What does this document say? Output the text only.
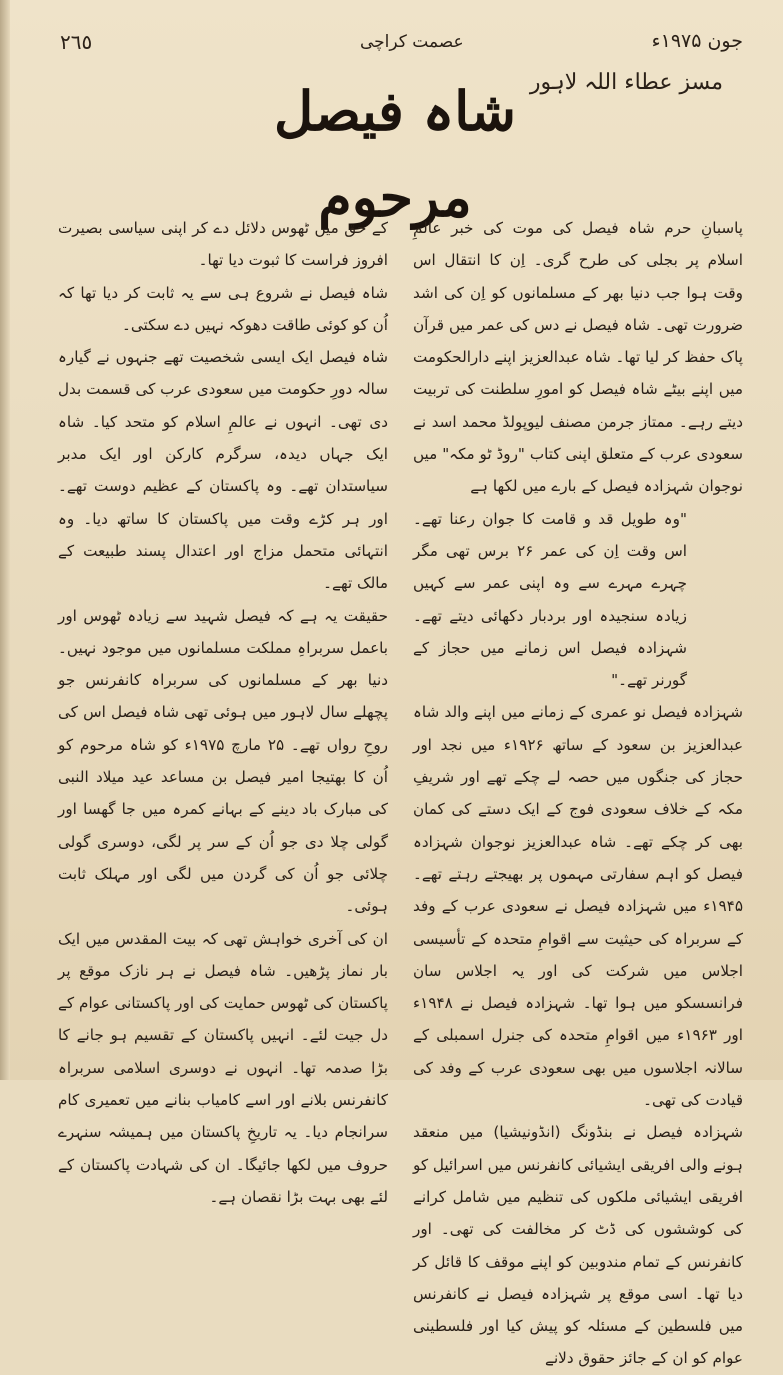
٢٦٥	عصمت کراچی	جون ۱۹۷۵ء
مسز عطاء اللہ لاہور
شاہ فیصل مرحوم

پاسبانِ حرم شاہ فیصل کی موت کی خبر عالمِ اسلام پر بجلی کی طرح گری۔ اِن کا انتقال اس وقت ہوا جب دنیا بھر کے مسلمانوں کو اِن کی اشد ضرورت تھی۔ شاہ فیصل نے دس کی عمر میں قرآن پاک حفظ کر لیا تھا۔ شاہ عبدالعزیز اپنے دارالحکومت میں اپنے بیٹے شاہ فیصل کو امورِ سلطنت کی تربیت دیتے رہے۔ ممتاز جرمن مصنف لیوپولڈ محمد اسد نے سعودی عرب کے متعلق اپنی کتاب "روڈ ٹو مکہ" میں نوجوان شہزادہ فیصل کے بارے میں لکھا ہے

"وہ طویل قد و قامت کا جوان رعنا تھے۔ اس وقت اِن کی عمر ۲۶ برس تھی مگر چہرے مہرے سے وہ اپنی عمر سے کہیں زیادہ سنجیدہ اور بردبار دکھائی دیتے تھے۔ شہزادہ فیصل اس زمانے میں حجاز کے گورنر تھے۔"

شہزادہ فیصل نو عمری کے زمانے میں اپنے والد شاہ عبدالعزیز بن سعود کے ساتھ ۱۹۲۶ء میں نجد اور حجاز کی جنگوں میں حصہ لے چکے تھے اور شریفِ مکہ کے خلاف سعودی فوج کے ایک دستے کی کمان بھی کر چکے تھے۔ شاہ عبدالعزیز نوجوان شہزادہ فیصل کو اہم سفارتی مہموں پر بھیجتے رہتے تھے۔ ۱۹۴۵ء میں شہزادہ فیصل نے سعودی عرب کے وفد کے سربراہ کی حیثیت سے اقوامِ متحدہ کے تأسیسی اجلاس میں شرکت کی اور یہ اجلاس سان فرانسسکو میں ہوا تھا۔ شہزادہ فیصل نے ۱۹۴۸ء اور ۱۹۶۳ء میں اقوامِ متحدہ کی جنرل اسمبلی کے سالانہ اجلاسوں میں بھی سعودی عرب کے وفد کی قیادت کی تھی۔

شہزادہ فیصل نے بنڈونگ (انڈونیشیا) میں منعقد ہونے والی افریقی ایشیائی کانفرنس میں اسرائیل کو افریقی ایشیائی ملکوں کی تنظیم میں شامل کرانے کی کوششوں کی ڈٹ کر مخالفت کی تھی۔ اور کانفرنس کے تمام مندوبین کو اپنے موقف کا قائل کر دیا تھا۔ اسی موقع پر شہزادہ فیصل نے کانفرنس میں فلسطین کے مسئلہ کو پیش کیا اور فلسطینی عوام کو ان کے جائز حقوق دلانے

کے حق میں ٹھوس دلائل دے کر اپنی سیاسی بصیرت افروز فراست کا ثبوت دیا تھا۔

شاہ فیصل نے شروع ہی سے یہ ثابت کر دیا تھا کہ اُن کو کوئی طاقت دھوکہ نہیں دے سکتی۔

شاہ فیصل ایک ایسی شخصیت تھے جنہوں نے گیارہ سالہ دورِ حکومت میں سعودی عرب کی قسمت بدل دی تھی۔ انہوں نے عالمِ اسلام کو متحد کیا۔ شاہ ایک جہاں دیدہ، سرگرم کارکن اور ایک مدبر سیاستدان تھے۔ وہ پاکستان کے عظیم دوست تھے۔ اور ہر کڑے وقت میں پاکستان کا ساتھ دیا۔ وہ انتہائی متحمل مزاج اور اعتدال پسند طبیعت کے مالک تھے۔

حقیقت یہ ہے کہ فیصل شہید سے زیادہ ٹھوس اور باعمل سربراہِ مملکت مسلمانوں میں موجود نہیں۔ دنیا بھر کے مسلمانوں کی سربراہ کانفرنس جو پچھلے سال لاہور میں ہوئی تھی شاہ فیصل اس کی روحِ رواں تھے۔ ۲۵ مارچ ۱۹۷۵ء کو شاہ مرحوم کو اُن کا بھتیجا امیر فیصل بن مساعد عید میلاد النبی کی مبارک باد دینے کے بہانے کمرہ میں جا گھسا اور گولی چلا دی جو اُن کے سر پر لگی، دوسری گولی چلائی جو اُن کی گردن میں لگی اور مہلک ثابت ہوئی۔

ان کی آخری خواہش تھی کہ بیت المقدس میں ایک بار نماز پڑھیں۔ شاہ فیصل نے ہر نازک موقع پر پاکستان کی ٹھوس حمایت کی اور پاکستانی عوام کے دل جیت لئے۔ انہیں پاکستان کے تقسیم ہو جانے کا بڑا صدمہ تھا۔ انہوں نے دوسری اسلامی سربراہ کانفرنس بلانے اور اسے کامیاب بنانے میں تعمیری کام سرانجام دیا۔ یہ تاریخِ پاکستان میں ہمیشہ سنہرے حروف میں لکھا جائیگا۔ ان کی شہادت پاکستان کے لئے بھی بہت بڑا نقصان ہے۔
